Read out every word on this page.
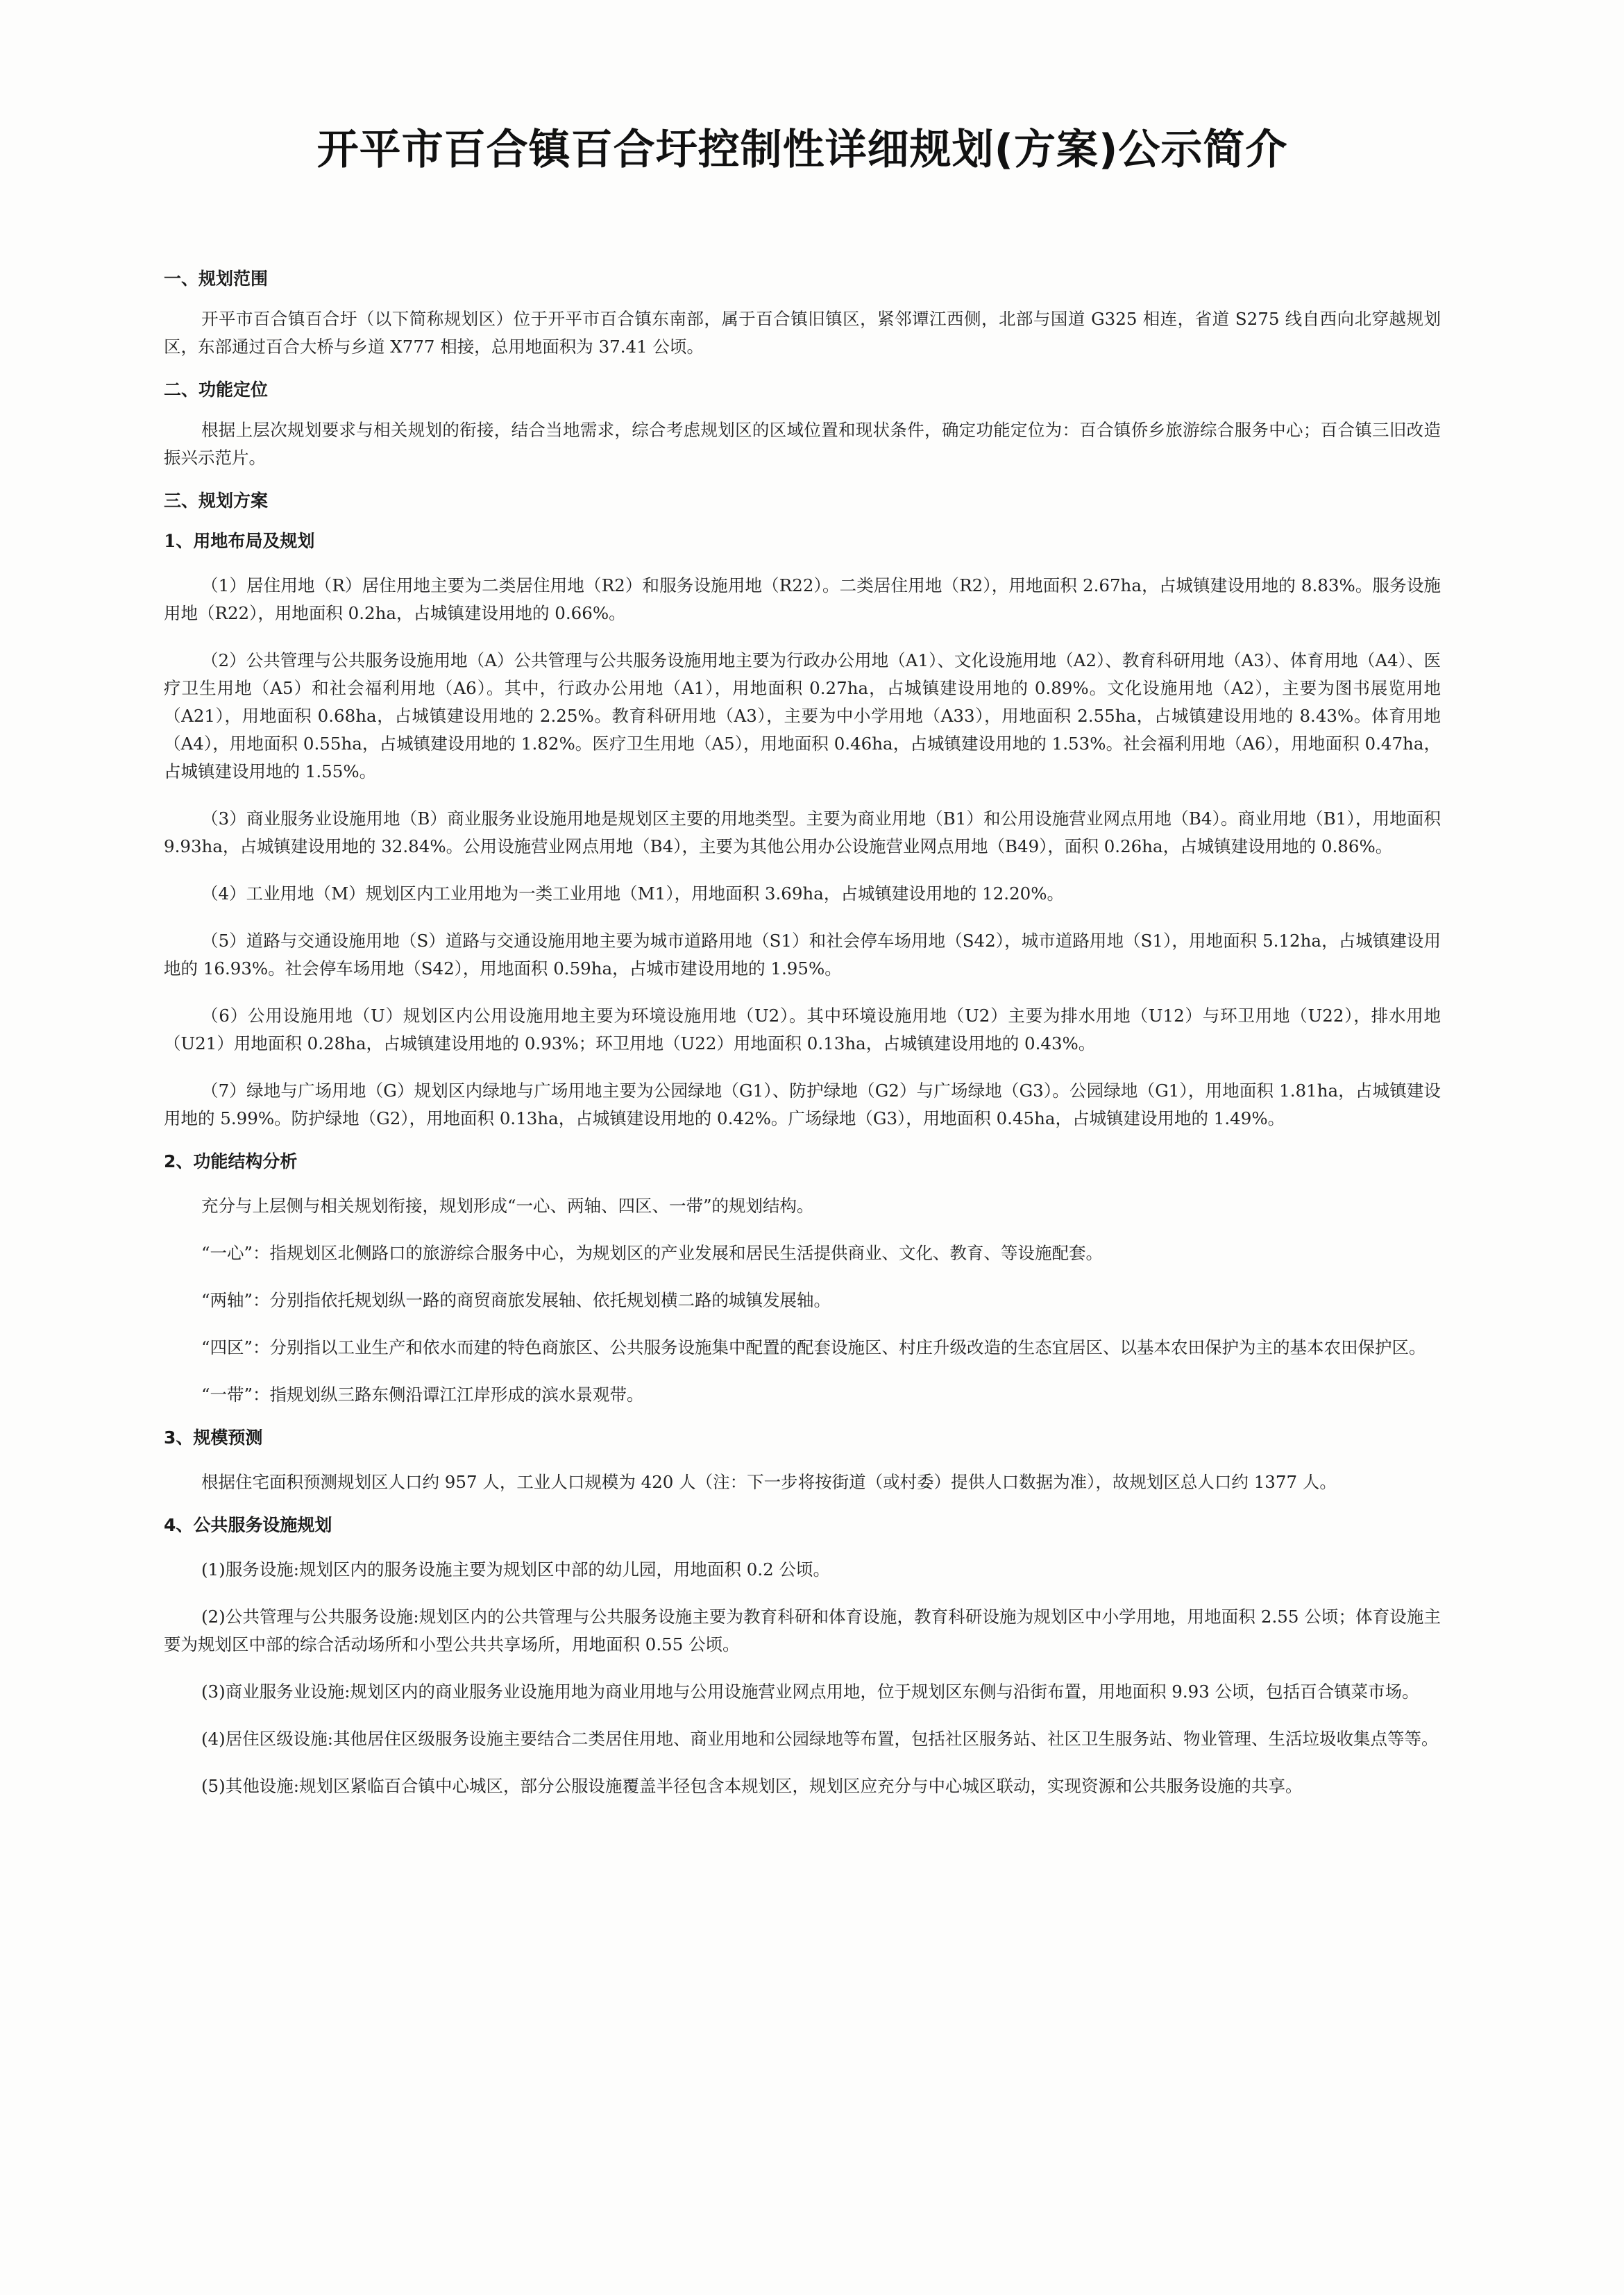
开平市百合镇百合圩控制性详细规划(方案)公示简介
一、规划范围

开平市百合镇百合圩（以下简称规划区）位于开平市百合镇东南部，属于百合镇旧镇区，紧邻谭江西侧，北部与国道 G325 相连，省道 S275 线自西向北穿越规划区，东部通过百合大桥与乡道 X777 相接，总用地面积为 37.41 公顷。

二、功能定位

根据上层次规划要求与相关规划的衔接，结合当地需求，综合考虑规划区的区域位置和现状条件，确定功能定位为：百合镇侨乡旅游综合服务中心；百合镇三旧改造振兴示范片。

三、规划方案
1、用地布局及规划

（1）居住用地（R）居住用地主要为二类居住用地（R2）和服务设施用地（R22）。二类居住用地（R2），用地面积 2.67ha，占城镇建设用地的 8.83%。服务设施用地（R22），用地面积 0.2ha，占城镇建设用地的 0.66%。

（2）公共管理与公共服务设施用地（A）公共管理与公共服务设施用地主要为行政办公用地（A1）、文化设施用地（A2）、教育科研用地（A3）、体育用地（A4）、医疗卫生用地（A5）和社会福利用地（A6）。其中，行政办公用地（A1），用地面积 0.27ha，占城镇建设用地的 0.89%。文化设施用地（A2），主要为图书展览用地（A21），用地面积 0.68ha，占城镇建设用地的 2.25%。教育科研用地（A3），主要为中小学用地（A33），用地面积 2.55ha，占城镇建设用地的 8.43%。体育用地（A4），用地面积 0.55ha，占城镇建设用地的 1.82%。医疗卫生用地（A5），用地面积 0.46ha，占城镇建设用地的 1.53%。社会福利用地（A6），用地面积 0.47ha，占城镇建设用地的 1.55%。

（3）商业服务业设施用地（B）商业服务业设施用地是规划区主要的用地类型。主要为商业用地（B1）和公用设施营业网点用地（B4）。商业用地（B1），用地面积 9.93ha，占城镇建设用地的 32.84%。公用设施营业网点用地（B4），主要为其他公用办公设施营业网点用地（B49），面积 0.26ha，占城镇建设用地的 0.86%。

（4）工业用地（M）规划区内工业用地为一类工业用地（M1），用地面积 3.69ha，占城镇建设用地的 12.20%。

（5）道路与交通设施用地（S）道路与交通设施用地主要为城市道路用地（S1）和社会停车场用地（S42），城市道路用地（S1），用地面积 5.12ha，占城镇建设用地的 16.93%。社会停车场用地（S42），用地面积 0.59ha，占城市建设用地的 1.95%。

（6）公用设施用地（U）规划区内公用设施用地主要为环境设施用地（U2）。其中环境设施用地（U2）主要为排水用地（U12）与环卫用地（U22），排水用地（U21）用地面积 0.28ha，占城镇建设用地的 0.93%；环卫用地（U22）用地面积 0.13ha，占城镇建设用地的 0.43%。

（7）绿地与广场用地（G）规划区内绿地与广场用地主要为公园绿地（G1）、防护绿地（G2）与广场绿地（G3）。公园绿地（G1），用地面积 1.81ha，占城镇建设用地的 5.99%。防护绿地（G2），用地面积 0.13ha，占城镇建设用地的 0.42%。广场绿地（G3），用地面积 0.45ha，占城镇建设用地的 1.49%。

2、功能结构分析

充分与上层侧与相关规划衔接，规划形成“一心、两轴、四区、一带”的规划结构。

“一心”：指规划区北侧路口的旅游综合服务中心，为规划区的产业发展和居民生活提供商业、文化、教育、等设施配套。

“两轴”：分别指依托规划纵一路的商贸商旅发展轴、依托规划横二路的城镇发展轴。

“四区”：分别指以工业生产和依水而建的特色商旅区、公共服务设施集中配置的配套设施区、村庄升级改造的生态宜居区、以基本农田保护为主的基本农田保护区。

“一带”：指规划纵三路东侧沿谭江江岸形成的滨水景观带。

3、规模预测

根据住宅面积预测规划区人口约 957 人，工业人口规模为 420 人（注：下一步将按街道（或村委）提供人口数据为准），故规划区总人口约 1377 人。

4、公共服务设施规划

(1)服务设施:规划区内的服务设施主要为规划区中部的幼儿园，用地面积 0.2 公顷。

(2)公共管理与公共服务设施:规划区内的公共管理与公共服务设施主要为教育科研和体育设施，教育科研设施为规划区中小学用地，用地面积 2.55 公顷；体育设施主要为规划区中部的综合活动场所和小型公共共享场所，用地面积 0.55 公顷。

(3)商业服务业设施:规划区内的商业服务业设施用地为商业用地与公用设施营业网点用地，位于规划区东侧与沿街布置，用地面积 9.93 公顷，包括百合镇菜市场。

(4)居住区级设施:其他居住区级服务设施主要结合二类居住用地、商业用地和公园绿地等布置，包括社区服务站、社区卫生服务站、物业管理、生活垃圾收集点等等。

(5)其他设施:规划区紧临百合镇中心城区，部分公服设施覆盖半径包含本规划区，规划区应充分与中心城区联动，实现资源和公共服务设施的共享。
